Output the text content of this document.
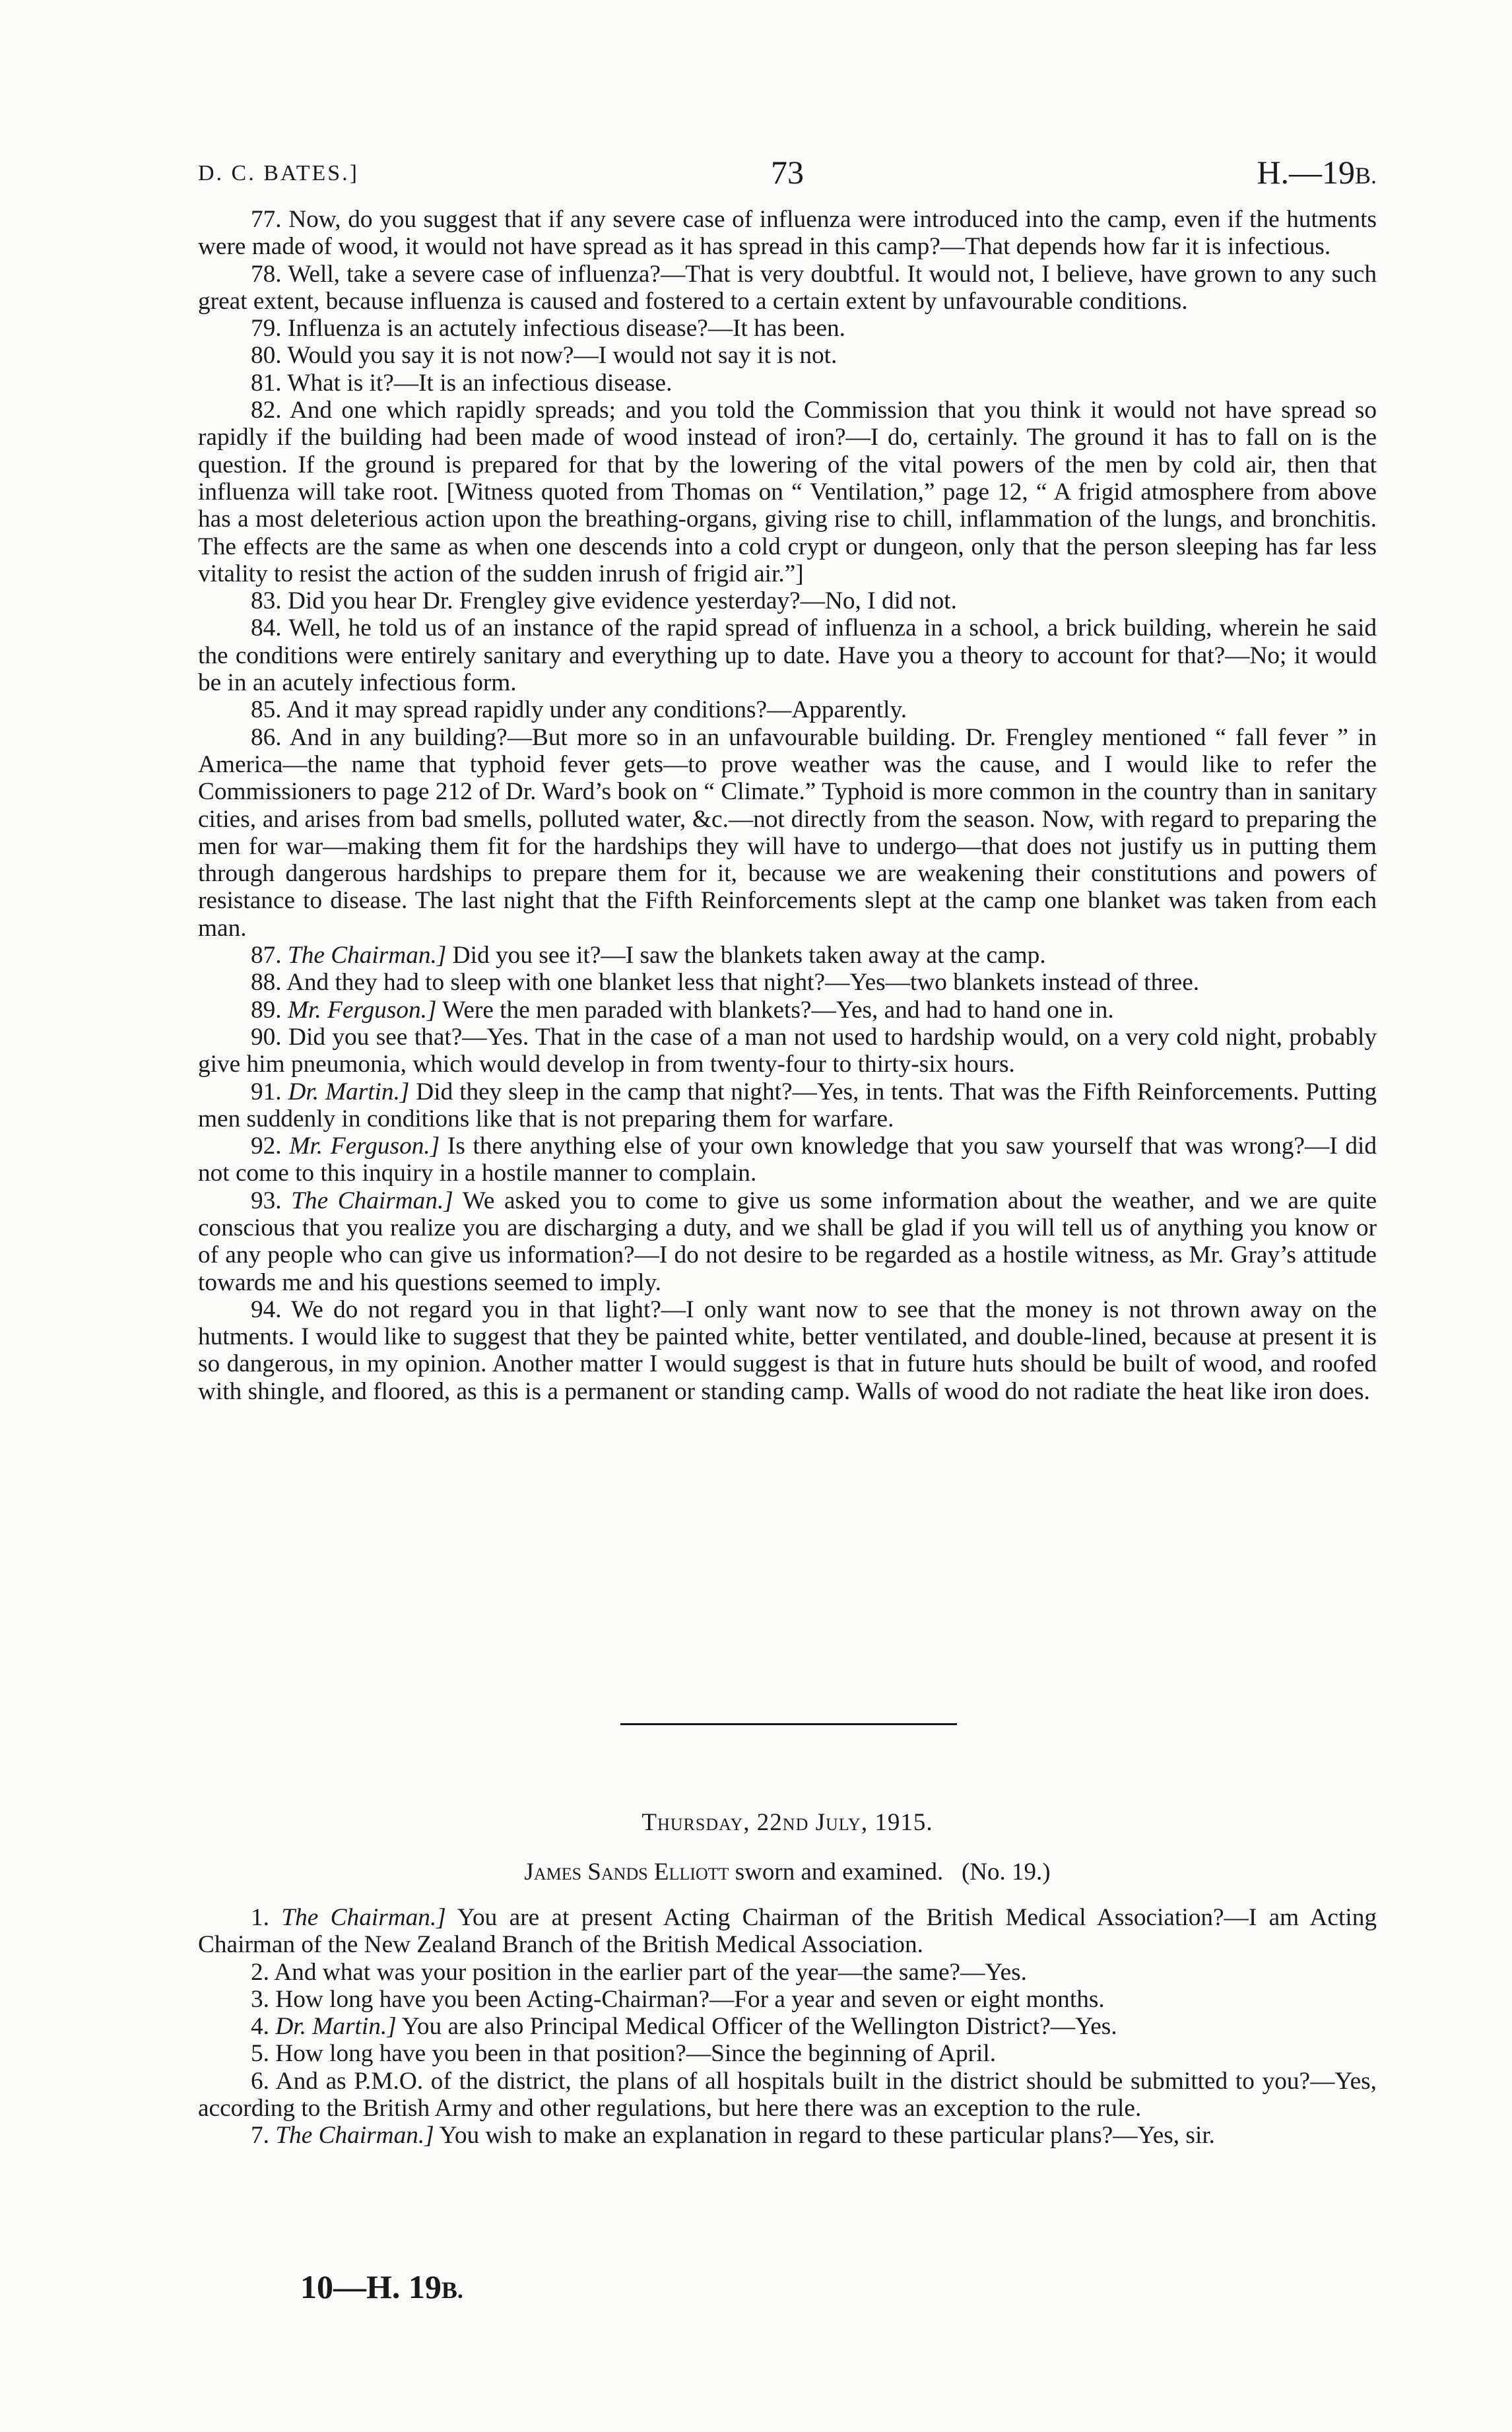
D. C. BATES.]	73	H.—19B.

77. Now, do you suggest that if any severe case of influenza were introduced into the camp, even if the hutments were made of wood, it would not have spread as it has spread in this camp?—That depends how far it is infectious.

78. Well, take a severe case of influenza?—That is very doubtful. It would not, I believe, have grown to any such great extent, because influenza is caused and fostered to a certain extent by unfavourable conditions.

79. Influenza is an actutely infectious disease?—It has been.

80. Would you say it is not now?—I would not say it is not.

81. What is it?—It is an infectious disease.

82. And one which rapidly spreads; and you told the Commission that you think it would not have spread so rapidly if the building had been made of wood instead of iron?—I do, certainly. The ground it has to fall on is the question. If the ground is prepared for that by the lowering of the vital powers of the men by cold air, then that influenza will take root. [Witness quoted from Thomas on “ Ventilation,” page 12, “ A frigid atmosphere from above has a most deleterious action upon the breathing-organs, giving rise to chill, inflammation of the lungs, and bronchitis. The effects are the same as when one descends into a cold crypt or dungeon, only that the person sleeping has far less vitality to resist the action of the sudden inrush of frigid air.”]

83. Did you hear Dr. Frengley give evidence yesterday?—No, I did not.

84. Well, he told us of an instance of the rapid spread of influenza in a school, a brick building, wherein he said the conditions were entirely sanitary and everything up to date. Have you a theory to account for that?—No; it would be in an acutely infectious form.

85. And it may spread rapidly under any conditions?—Apparently.

86. And in any building?—But more so in an unfavourable building. Dr. Frengley mentioned “ fall fever ” in America—the name that typhoid fever gets—to prove weather was the cause, and I would like to refer the Commissioners to page 212 of Dr. Ward’s book on “ Climate.” Typhoid is more common in the country than in sanitary cities, and arises from bad smells, polluted water, &c.—not directly from the season. Now, with regard to preparing the men for war—making them fit for the hardships they will have to undergo—that does not justify us in putting them through dangerous hardships to prepare them for it, because we are weakening their constitutions and powers of resistance to disease. The last night that the Fifth Reinforcements slept at the camp one blanket was taken from each man.

87. The Chairman.] Did you see it?—I saw the blankets taken away at the camp.

88. And they had to sleep with one blanket less that night?—Yes—two blankets instead of three.

89. Mr. Ferguson.] Were the men paraded with blankets?—Yes, and had to hand one in.

90. Did you see that?—Yes. That in the case of a man not used to hardship would, on a very cold night, probably give him pneumonia, which would develop in from twenty-four to thirty-six hours.

91. Dr. Martin.] Did they sleep in the camp that night?—Yes, in tents. That was the Fifth Reinforcements. Putting men suddenly in conditions like that is not preparing them for warfare.

92. Mr. Ferguson.] Is there anything else of your own knowledge that you saw yourself that was wrong?—I did not come to this inquiry in a hostile manner to complain.

93. The Chairman.] We asked you to come to give us some information about the weather, and we are quite conscious that you realize you are discharging a duty, and we shall be glad if you will tell us of anything you know or of any people who can give us information?—I do not desire to be regarded as a hostile witness, as Mr. Gray’s attitude towards me and his questions seemed to imply.

94. We do not regard you in that light?—I only want now to see that the money is not thrown away on the hutments. I would like to suggest that they be painted white, better ventilated, and double-lined, because at present it is so dangerous, in my opinion. Another matter I would suggest is that in future huts should be built of wood, and roofed with shingle, and floored, as this is a permanent or standing camp. Walls of wood do not radiate the heat like iron does.

Thursday, 22nd July, 1915.
James Sands Elliott sworn and examined. (No. 19.)

1. The Chairman.] You are at present Acting Chairman of the British Medical Association?—I am Acting Chairman of the New Zealand Branch of the British Medical Association.

2. And what was your position in the earlier part of the year—the same?—Yes.

3. How long have you been Acting-Chairman?—For a year and seven or eight months.

4. Dr. Martin.] You are also Principal Medical Officer of the Wellington District?—Yes.

5. How long have you been in that position?—Since the beginning of April.

6. And as P.M.O. of the district, the plans of all hospitals built in the district should be submitted to you?—Yes, according to the British Army and other regulations, but here there was an exception to the rule.

7. The Chairman.] You wish to make an explanation in regard to these particular plans?—Yes, sir.

10—H. 19B.
